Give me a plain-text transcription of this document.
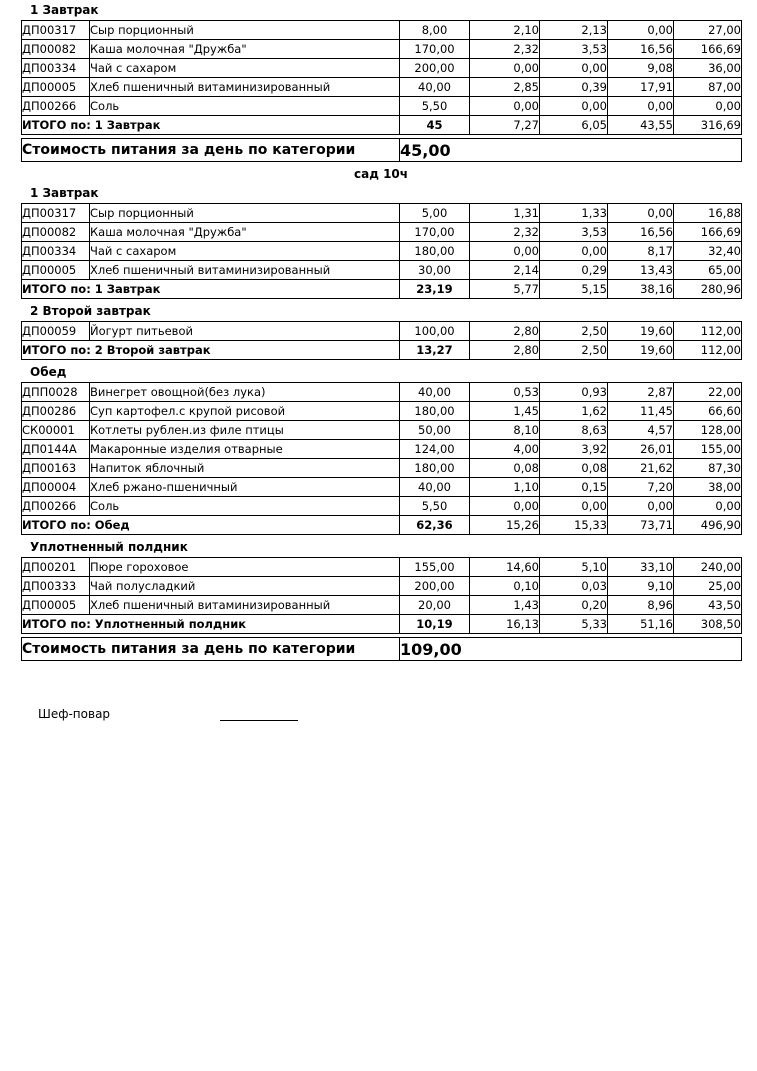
1 Завтрак
ДП00317	Сыр порционный	8,00	2,10	2,13	0,00	27,00
ДП00082	Каша молочная "Дружба"	170,00	2,32	3,53	16,56	166,69
ДП00334	Чай с сахаром	200,00	0,00	0,00	9,08	36,00
ДП00005	Хлеб пшеничный витаминизированный	40,00	2,85	0,39	17,91	87,00
ДП00266	Соль	5,50	0,00	0,00	0,00	0,00
ИТОГО по: 1 Завтрак		45	7,27	6,05	43,55	316,69
Стоимость питания за день по категории	45,00
сад 10ч
1 Завтрак
ДП00317	Сыр порционный	5,00	1,31	1,33	0,00	16,88
ДП00082	Каша молочная "Дружба"	170,00	2,32	3,53	16,56	166,69
ДП00334	Чай с сахаром	180,00	0,00	0,00	8,17	32,40
ДП00005	Хлеб пшеничный витаминизированный	30,00	2,14	0,29	13,43	65,00
ИТОГО по: 1 Завтрак		23,19	5,77	5,15	38,16	280,96
2 Второй завтрак
ДП00059	Йогурт питьевой	100,00	2,80	2,50	19,60	112,00
ИТОГО по: 2 Второй завтрак		13,27	2,80	2,50	19,60	112,00
Обед
ДПП0028	Винегрет овощной(без лука)	40,00	0,53	0,93	2,87	22,00
ДП00286	Суп картофел.с крупой рисовой	180,00	1,45	1,62	11,45	66,60
СК00001	Котлеты рублен.из филе птицы	50,00	8,10	8,63	4,57	128,00
ДП0144А	Макаронные изделия отварные	124,00	4,00	3,92	26,01	155,00
ДП00163	Напиток яблочный	180,00	0,08	0,08	21,62	87,30
ДП00004	Хлеб ржано-пшеничный	40,00	1,10	0,15	7,20	38,00
ДП00266	Соль	5,50	0,00	0,00	0,00	0,00
ИТОГО по: Обед		62,36	15,26	15,33	73,71	496,90
Уплотненный полдник
ДП00201	Пюре гороховое	155,00	14,60	5,10	33,10	240,00
ДП00333	Чай полусладкий	200,00	0,10	0,03	9,10	25,00
ДП00005	Хлеб пшеничный витаминизированный	20,00	1,43	0,20	8,96	43,50
ИТОГО по: Уплотненный полдник		10,19	16,13	5,33	51,16	308,50
Стоимость питания за день по категории	109,00
Шеф-повар
